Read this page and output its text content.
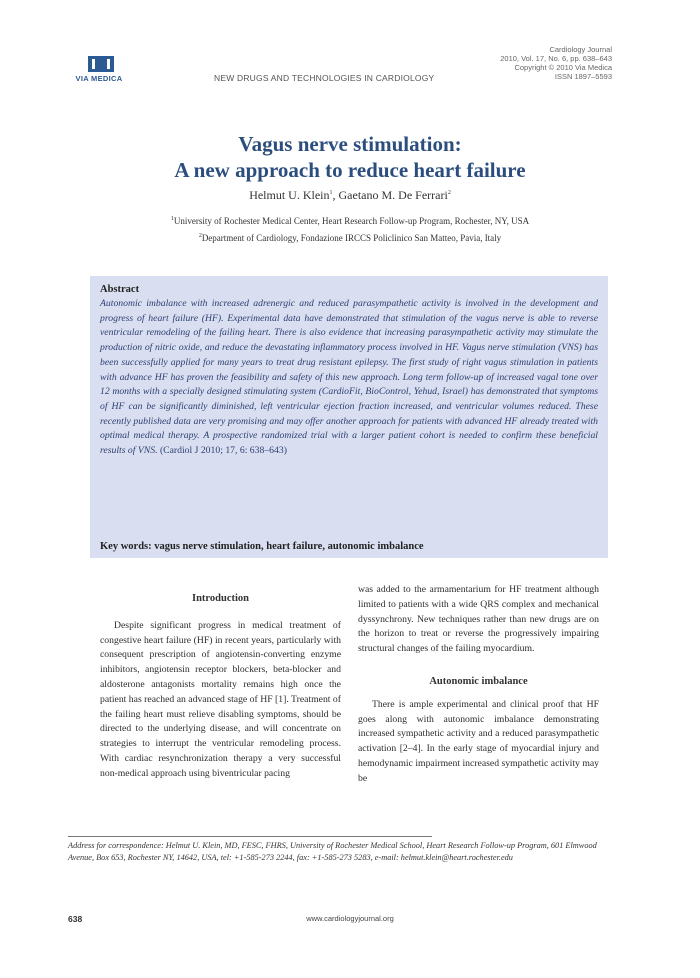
VIA MEDICA	NEW DRUGS AND TECHNOLOGIES IN CARDIOLOGY
Cardiology Journal
2010, Vol. 17, No. 6, pp. 638–643
Copyright © 2010 Via Medica
ISSN 1897–5593
Vagus nerve stimulation:
A new approach to reduce heart failure
Helmut U. Klein$^1$, Gaetano M. De Ferrari$^2$
$^1$University of Rochester Medical Center, Heart Research Follow-up Program, Rochester, NY, USA
$^2$Department of Cardiology, Fondazione IRCCS Policlinico San Matteo, Pavia, Italy
Abstract
Autonomic imbalance with increased adrenergic and reduced parasympathetic activity is involved in the development and progress of heart failure (HF). Experimental data have demonstrated that stimulation of the vagus nerve is able to reverse ventricular remodeling of the failing heart. There is also evidence that increasing parasympathetic activity may stimulate the production of nitric oxide, and reduce the devastating inflammatory process involved in HF. Vagus nerve stimulation (VNS) has been successfully applied for many years to treat drug resistant epilepsy. The first study of right vagus stimulation in patients with advance HF has proven the feasibility and safety of this new approach. Long term follow-up of increased vagal tone over 12 months with a specially designed stimulating system (CardioFit, BioControl, Yehud, Israel) has demonstrated that symptoms of HF can be significantly diminished, left ventricular ejection fraction increased, and ventricular volumes reduced. These recently published data are very promising and may offer another approach for patients with advanced HF already treated with optimal medical therapy. A prospective randomized trial with a larger patient cohort is needed to confirm these beneficial results of VNS. (Cardiol J 2010; 17, 6: 638–643)
Key words: vagus nerve stimulation, heart failure, autonomic imbalance
Introduction

Despite significant progress in medical treatment of congestive heart failure (HF) in recent years, particularly with consequent prescription of angiotensin-converting enzyme inhibitors, angiotensin receptor blockers, beta-blocker and aldosterone antagonists mortality remains high once the patient has reached an advanced stage of HF [1]. Treatment of the failing heart must relieve disabling symptoms, should be directed to the underlying disease, and will concentrate on strategies to interrupt the ventricular remodeling process. With cardiac resynchronization therapy a very successful non-medical approach using biventricular pacing

was added to the armamentarium for HF treatment although limited to patients with a wide QRS complex and mechanical dyssynchrony. New techniques rather than new drugs are on the horizon to treat or reverse the progressively impairing structural changes of the failing myocardium.

Autonomic imbalance

There is ample experimental and clinical proof that HF goes along with autonomic imbalance demonstrating increased sympathetic activity and a reduced parasympathetic activation [2–4]. In the early stage of myocardial injury and hemodynamic impairment increased sympathetic activity may be

Address for correspondence: Helmut U. Klein, MD, FESC, FHRS, University of Rochester Medical School, Heart Research Follow-up Program, 601 Elmwood Avenue, Box 653, Rochester NY, 14642, USA, tel: +1-585-273 2244, fax: +1-585-273 5283, e-mail: helmut.klein@heart.rochester.edu
638	www.cardiologyjournal.org
